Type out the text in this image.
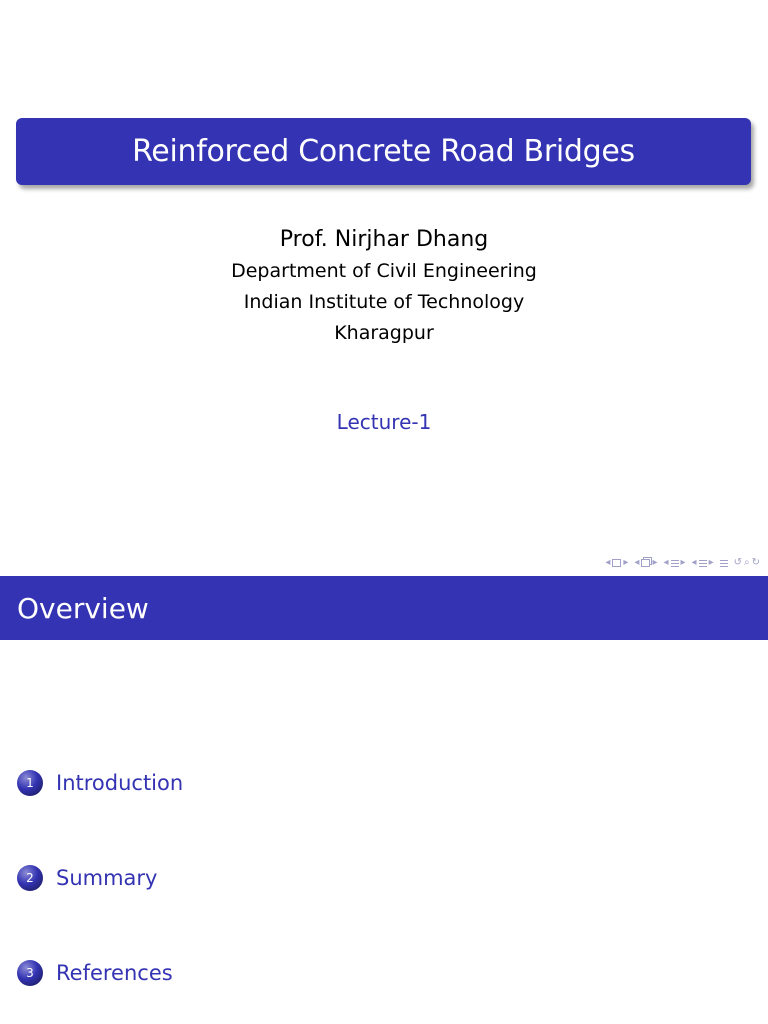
Reinforced Concrete Road Bridges
Prof. Nirjhar Dhang
Department of Civil Engineering
Indian Institute of Technology
Kharagpur
Lecture-1
◂ ▸ ◂ ▸ ◂ ▸ ◂ ▸ ↺ ⌕ ↻
Overview
1	Introduction
2	Summary
3	References
